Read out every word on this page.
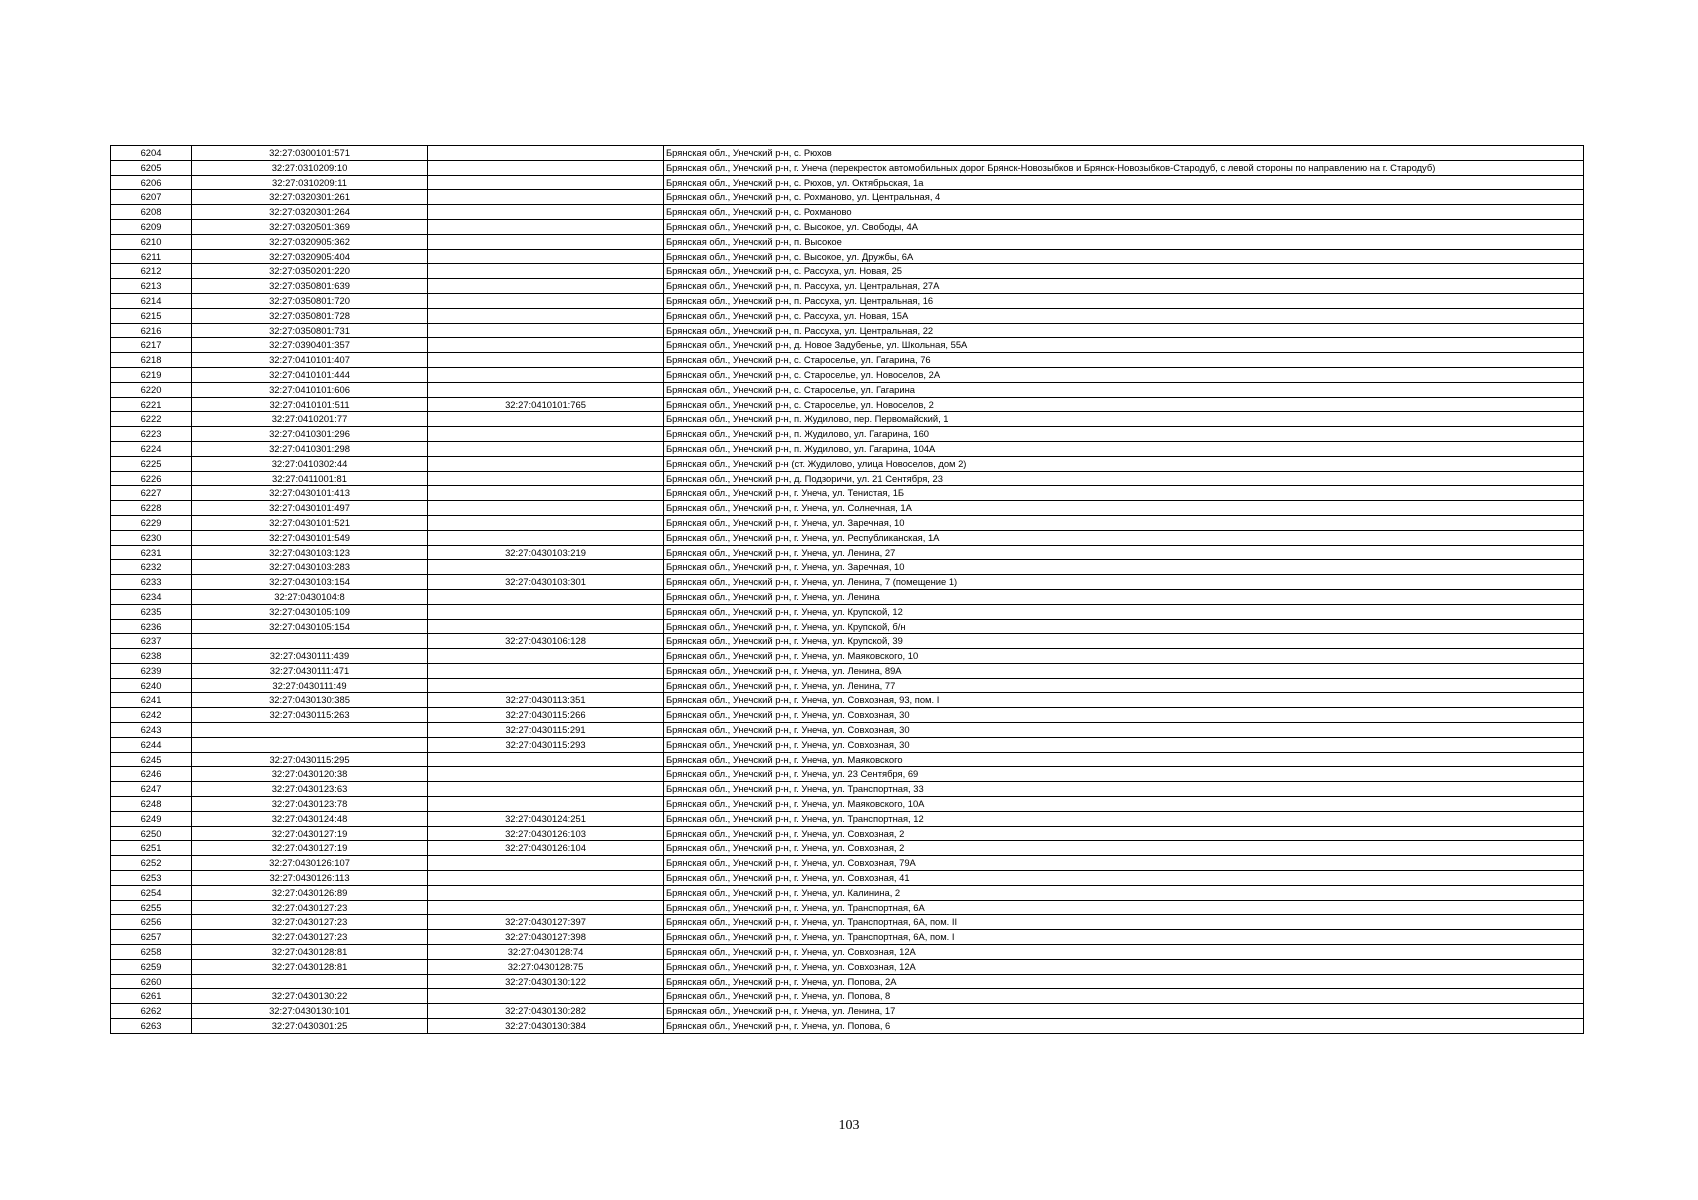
6204	32:27:0300101:571		Брянская обл., Унечский р-н, с. Рюхов
6205	32:27:0310209:10		Брянская обл., Унечский р-н, г. Унеча (перекресток автомобильных дорог Брянск-Новозыбков и Брянск-Новозыбков-Стародуб, с левой стороны по направлению на г. Стародуб)
6206	32:27:0310209:11		Брянская обл., Унечский р-н, с. Рюхов, ул. Октябрьская, 1а
6207	32:27:0320301:261		Брянская обл., Унечский р-н, с. Рохманово, ул. Центральная, 4
6208	32:27:0320301:264		Брянская обл., Унечский р-н, с. Рохманово
6209	32:27:0320501:369		Брянская обл., Унечский р-н, с. Высокое, ул. Свободы, 4А
6210	32:27:0320905:362		Брянская обл., Унечский р-н, п. Высокое
6211	32:27:0320905:404		Брянская обл., Унечский р-н, с. Высокое, ул. Дружбы, 6А
6212	32:27:0350201:220		Брянская обл., Унечский р-н, с. Рассуха, ул. Новая, 25
6213	32:27:0350801:639		Брянская обл., Унечский р-н, п. Рассуха, ул. Центральная, 27А
6214	32:27:0350801:720		Брянская обл., Унечский р-н, п. Рассуха, ул. Центральная, 16
6215	32:27:0350801:728		Брянская обл., Унечский р-н, с. Рассуха, ул. Новая, 15А
6216	32:27:0350801:731		Брянская обл., Унечский р-н, п. Рассуха, ул. Центральная, 22
6217	32:27:0390401:357		Брянская обл., Унечский р-н, д. Новое Задубенье, ул. Школьная, 55А
6218	32:27:0410101:407		Брянская обл., Унечский р-н, с. Староселье, ул. Гагарина, 76
6219	32:27:0410101:444		Брянская обл., Унечский р-н, с. Староселье, ул. Новоселов, 2А
6220	32:27:0410101:606		Брянская обл., Унечский р-н, с. Староселье, ул. Гагарина
6221	32:27:0410101:511	32:27:0410101:765	Брянская обл., Унечский р-н, с. Староселье, ул. Новоселов, 2
6222	32:27:0410201:77		Брянская обл., Унечский р-н, п. Жудилово, пер. Первомайский, 1
6223	32:27:0410301:296		Брянская обл., Унечский р-н, п. Жудилово, ул. Гагарина, 160
6224	32:27:0410301:298		Брянская обл., Унечский р-н, п. Жудилово, ул. Гагарина, 104А
6225	32:27:0410302:44		Брянская обл., Унечский р-н (ст. Жудилово, улица Новоселов, дом 2)
6226	32:27:0411001:81		Брянская обл., Унечский р-н, д. Подзоричи, ул. 21 Сентября, 23
6227	32:27:0430101:413		Брянская обл., Унечский р-н, г. Унеча, ул. Тенистая, 1Б
6228	32:27:0430101:497		Брянская обл., Унечский р-н, г. Унеча, ул. Солнечная, 1А
6229	32:27:0430101:521		Брянская обл., Унечский р-н, г. Унеча, ул. Заречная, 10
6230	32:27:0430101:549		Брянская обл., Унечский р-н, г. Унеча, ул. Республиканская, 1А
6231	32:27:0430103:123	32:27:0430103:219	Брянская обл., Унечский р-н, г. Унеча, ул. Ленина, 27
6232	32:27:0430103:283		Брянская обл., Унечский р-н, г. Унеча, ул. Заречная, 10
6233	32:27:0430103:154	32:27:0430103:301	Брянская обл., Унечский р-н, г. Унеча, ул. Ленина, 7 (помещение 1)
6234	32:27:0430104:8		Брянская обл., Унечский р-н, г. Унеча, ул. Ленина
6235	32:27:0430105:109		Брянская обл., Унечский р-н, г. Унеча, ул. Крупской, 12
6236	32:27:0430105:154		Брянская обл., Унечский р-н, г. Унеча, ул. Крупской, б/н
6237		32:27:0430106:128	Брянская обл., Унечский р-н, г. Унеча, ул. Крупской, 39
6238	32:27:0430111:439		Брянская обл., Унечский р-н, г. Унеча, ул. Маяковского, 10
6239	32:27:0430111:471		Брянская обл., Унечский р-н, г. Унеча, ул. Ленина, 89А
6240	32:27:0430111:49		Брянская обл., Унечский р-н, г. Унеча, ул. Ленина, 77
6241	32:27:0430130:385	32:27:0430113:351	Брянская обл., Унечский р-н, г. Унеча, ул. Совхозная, 93, пом. I
6242	32:27:0430115:263	32:27:0430115:266	Брянская обл., Унечский р-н, г. Унеча, ул. Совхозная, 30
6243		32:27:0430115:291	Брянская обл., Унечский р-н, г. Унеча, ул. Совхозная, 30
6244		32:27:0430115:293	Брянская обл., Унечский р-н, г. Унеча, ул. Совхозная, 30
6245	32:27:0430115:295		Брянская обл., Унечский р-н, г. Унеча, ул. Маяковского
6246	32:27:0430120:38		Брянская обл., Унечский р-н, г. Унеча, ул. 23 Сентября, 69
6247	32:27:0430123:63		Брянская обл., Унечский р-н, г. Унеча, ул. Транспортная, 33
6248	32:27:0430123:78		Брянская обл., Унечский р-н, г. Унеча, ул. Маяковского, 10А
6249	32:27:0430124:48	32:27:0430124:251	Брянская обл., Унечский р-н, г. Унеча, ул. Транспортная, 12
6250	32:27:0430127:19	32:27:0430126:103	Брянская обл., Унечский р-н, г. Унеча, ул. Совхозная, 2
6251	32:27:0430127:19	32:27:0430126:104	Брянская обл., Унечский р-н, г. Унеча, ул. Совхозная, 2
6252	32:27:0430126:107		Брянская обл., Унечский р-н, г. Унеча, ул. Совхозная, 79А
6253	32:27:0430126:113		Брянская обл., Унечский р-н, г. Унеча, ул. Совхозная, 41
6254	32:27:0430126:89		Брянская обл., Унечский р-н, г. Унеча, ул. Калинина, 2
6255	32:27:0430127:23		Брянская обл., Унечский р-н, г. Унеча, ул. Транспортная, 6А
6256	32:27:0430127:23	32:27:0430127:397	Брянская обл., Унечский р-н, г. Унеча, ул. Транспортная, 6А, пом. II
6257	32:27:0430127:23	32:27:0430127:398	Брянская обл., Унечский р-н, г. Унеча, ул. Транспортная, 6А, пом. I
6258	32:27:0430128:81	32:27:0430128:74	Брянская обл., Унечский р-н, г. Унеча, ул. Совхозная, 12А
6259	32:27:0430128:81	32:27:0430128:75	Брянская обл., Унечский р-н, г. Унеча, ул. Совхозная, 12А
6260		32:27:0430130:122	Брянская обл., Унечский р-н, г. Унеча, ул. Попова, 2А
6261	32:27:0430130:22		Брянская обл., Унечский р-н, г. Унеча, ул. Попова, 8
6262	32:27:0430130:101	32:27:0430130:282	Брянская обл., Унечский р-н, г. Унеча, ул. Ленина, 17
6263	32:27:0430301:25	32:27:0430130:384	Брянская обл., Унечский р-н, г. Унеча, ул. Попова, 6
103
